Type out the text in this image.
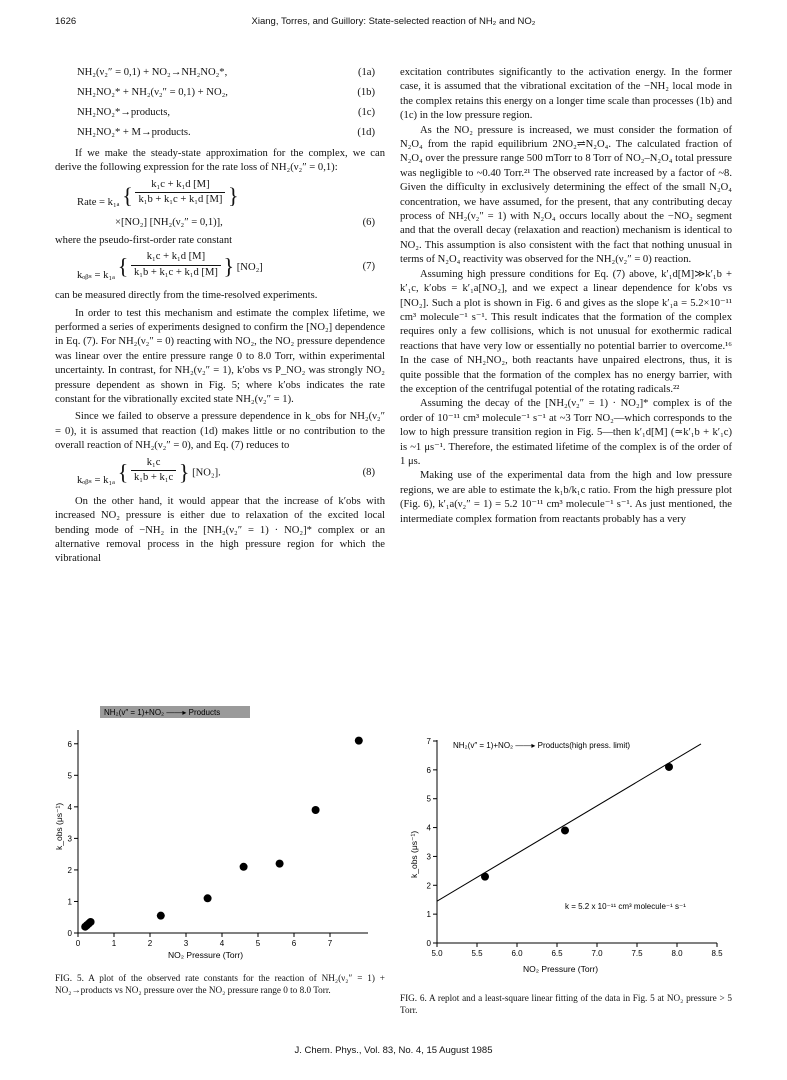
1626	Xiang, Torres, and Guillory: State-selected reaction of NH₂ and NO₂
NH₂(ν₂″ = 0,1) + NO₂→NH₂NO₂*,	(1a)
NH₂NO₂* + NH₂(ν₂″ = 0,1) + NO₂,	(1b)
NH₂NO₂*→products,	(1c)
NH₂NO₂* + M→products.	(1d)

If we make the steady-state approximation for the complex, we can derive the following expression for the rate loss of NH₂(ν₂″ = 0,1):

Rate = k₁ₐ { $\frac{\text{k₁c + k₁d [M]}}{\text{k₁b + k₁c + k₁d [M]}}$ }
×[NO₂] [NH₂(ν₂″ = 0,1)],	(6)

where the pseudo-first-order rate constant

kₒᵦₛ = k₁ₐ { $\frac{\text{k₁c + k₁d [M]}}{\text{k₁b + k₁c + k₁d [M]}}$ } [NO₂]	(7)

can be measured directly from the time-resolved experiments.

In order to test this mechanism and estimate the complex lifetime, we performed a series of experiments designed to confirm the [NO₂] dependence in Eq. (7). For NH₂(ν₂″ = 0) reacting with NO₂, the NO₂ pressure dependence was linear over the entire pressure range 0 to 8.0 Torr, within experimental uncertainty. In contrast, for NH₂(ν₂″ = 1), k′obs vs P_NO₂ was strongly NO₂ pressure dependent as shown in Fig. 5; where k′obs indicates the rate constant for the vibrationally excited state NH₂(ν₂″ = 1).

Since we failed to observe a pressure dependence in k_obs for NH₂(ν₂″ = 0), it is assumed that reaction (1d) makes little or no contribution to the overall reaction of NH₂(ν₂″ = 0), and Eq. (7) reduces to

kₒᵦₛ = k₁ₐ { $\frac{\text{k₁c}}{\text{k₁b + k₁c}}$ } [NO₂].	(8)

On the other hand, it would appear that the increase of k′obs with increased NO₂ pressure is either due to relaxation of the excited local bending mode of −NH₂ in the [NH₂(ν₂″ = 1) · NO₂]* complex or an alternative removal process in the high pressure region for which the vibrational

excitation contributes significantly to the activation energy. In the former case, it is assumed that the vibrational excitation of the −NH₂ local mode in the complex retains this energy on a longer time scale than processes (1b) and (1c) in the low pressure region.

As the NO₂ pressure is increased, we must consider the formation of N₂O₄ from the rapid equilibrium 2NO₂⇌N₂O₄. The calculated fraction of N₂O₄ over the pressure range 500 mTorr to 8 Torr of NO₂–N₂O₄ total pressure was negligible to ~0.40 Torr.²¹ The observed rate increased by a factor of ~8. Given the difficulty in exclusively determining the effect of the small N₂O₄ concentration, we have assumed, for the present, that any contributing decay process of NH₂(ν₂″ = 1) with N₂O₄ occurs locally about the −NO₂ segment and that the overall decay (relaxation and reaction) mechanism is identical to NO₂. This assumption is also consistent with the fact that nothing unusual in terms of N₂O₄ reactivity was observed for the NH₂(ν₂″ = 0) reaction.

Assuming high pressure conditions for Eq. (7) above, k′₁d[M]≫k′₁b + k′₁c, k′obs = k′₁a[NO₂], and we expect a linear dependence for k′obs vs [NO₂]. Such a plot is shown in Fig. 6 and gives as the slope k′₁a = 5.2×10⁻¹¹ cm³ molecule⁻¹ s⁻¹. This result indicates that the formation of the complex requires only a few collisions, which is not unusual for exothermic radical reactions that have very low or essentially no potential barrier to overcome.¹⁶ In the case of NH₂NO₂, both reactants have unpaired electrons, thus, it is quite possible that the formation of the complex has no energy barrier, with the exception of the centrifugal potential of the rotating radicals.²²

Assuming the decay of the [NH₂(ν₂″ = 1) · NO₂]* complex is of the order of 10⁻¹¹ cm³ molecule⁻¹ s⁻¹ at ~3 Torr NO₂—which corresponds to the low to high pressure transition region in Fig. 5—then k′₁d[M] (≃k′₁b + k′₁c) is ~1 μs⁻¹. Therefore, the estimated lifetime of the complex is of the order of 1 μs.

Making use of the experimental data from the high and low pressure regions, we are able to estimate the k₁b/k₁c ratio. From the high pressure plot (Fig. 6), k′₁a(ν₂″ = 1) = 5.2 10⁻¹¹ cm³ molecule⁻¹ s⁻¹. As just mentioned, the intermediate complex formation from reactants probably has a very

NH₂(v″ = 1)+NO₂ ——▸ Products
0	1	2	3	4	5	6	7
0
1
2
3
4
5
6
NO₂ Pressure (Torr)
k_obs (μs⁻¹)
FIG. 5. A plot of the observed rate constants for the reaction of NH₂(ν₂″ = 1) + NO₂→products vs NO₂ pressure over the NO₂ pressure range 0 to 8.0 Torr.
NH₂(v″ = 1)+NO₂ ——▸ Products(high press. limit)
5.0	5.5	6.0	6.5	7.0	7.5	8.0	8.5
0
1
2
3
4
5
6
7
k = 5.2 x 10⁻¹¹ cm³ molecule⁻¹ s⁻¹
NO₂ Pressure (Torr)
k_obs (μs⁻¹)
FIG. 6. A replot and a least-square linear fitting of the data in Fig. 5 at NO₂ pressure > 5 Torr.
J. Chem. Phys., Vol. 83, No. 4, 15 August 1985
